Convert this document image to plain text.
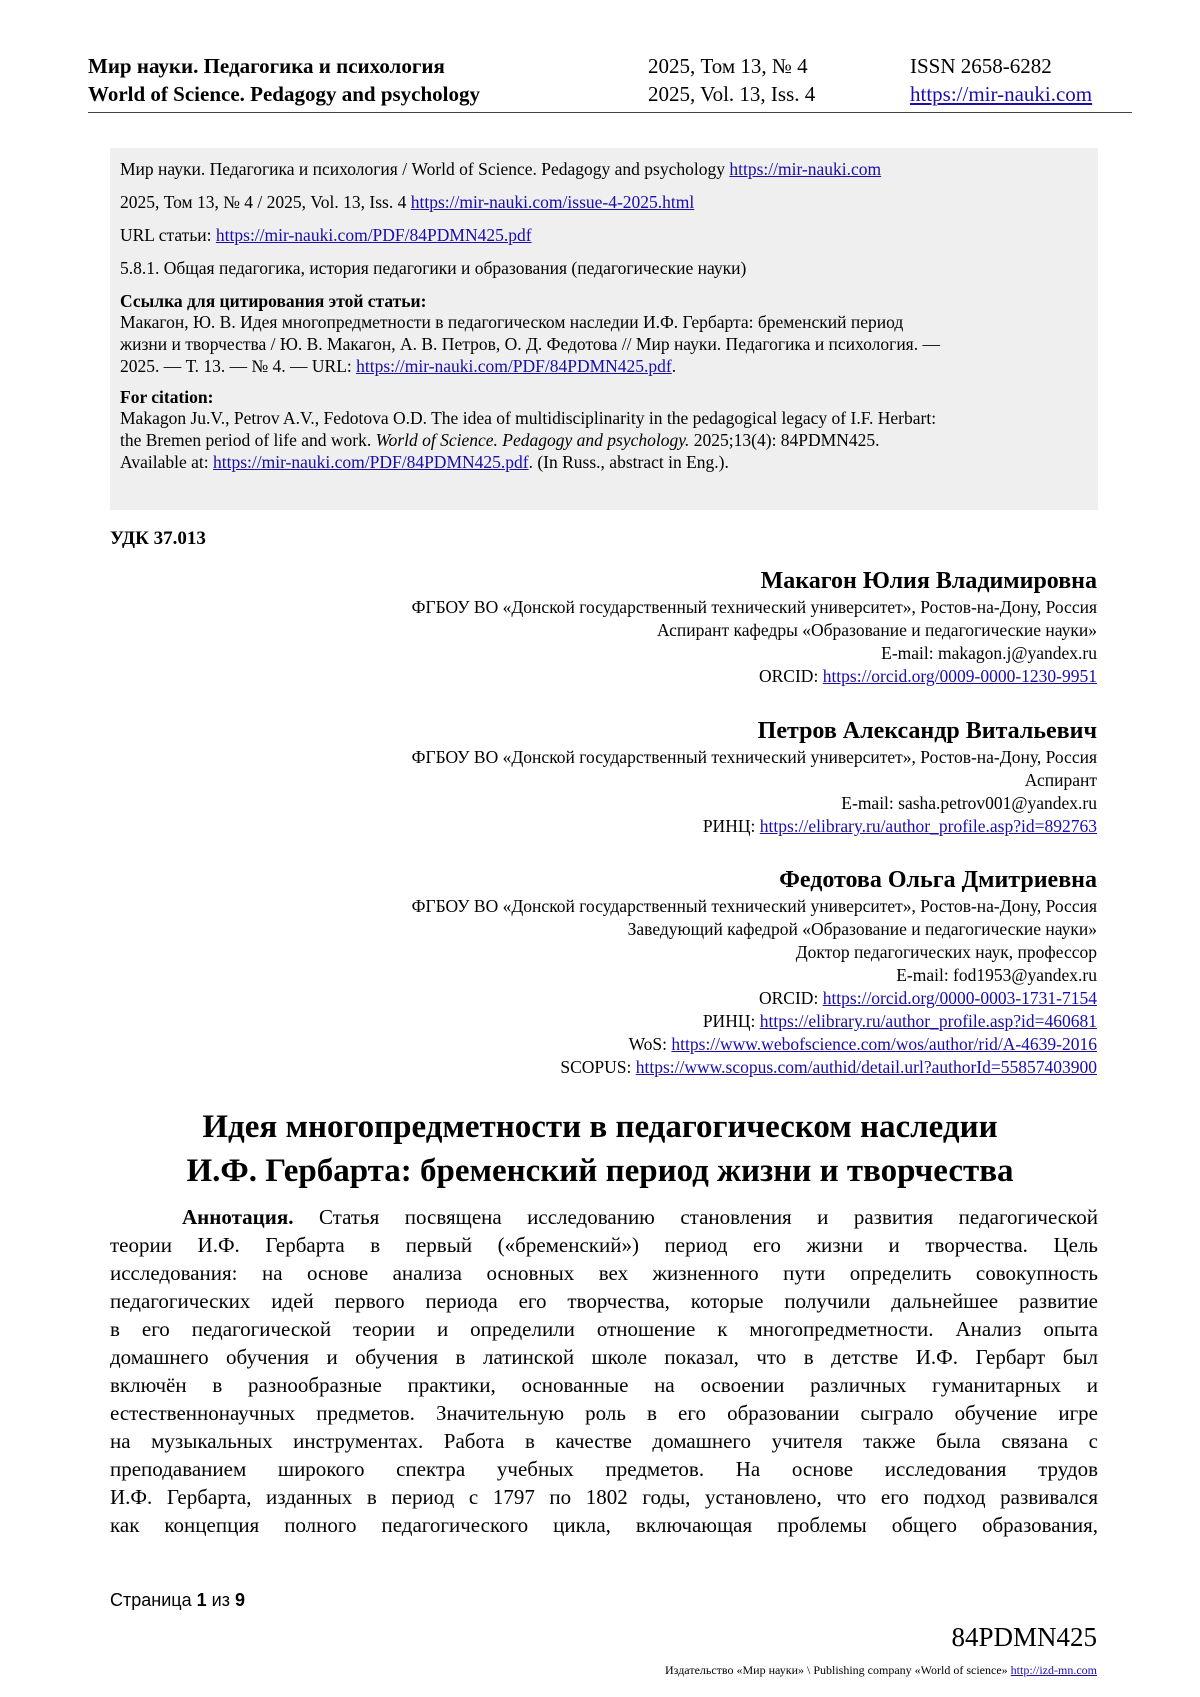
Мир науки. Педагогика и психология
World of Science. Pedagogy and psychology
2025, Том 13, № 4
2025, Vol. 13, Iss. 4
ISSN 2658-6282
https://mir-nauki.com
Мир науки. Педагогика и психология / World of Science. Pedagogy and psychology https://mir-nauki.com
2025, Том 13, № 4 / 2025, Vol. 13, Iss. 4 https://mir-nauki.com/issue-4-2025.html
URL статьи: https://mir-nauki.com/PDF/84PDMN425.pdf
5.8.1. Общая педагогика, история педагогики и образования (педагогические науки)
Ссылка для цитирования этой статьи:
Макагон, Ю. В. Идея многопредметности в педагогическом наследии И.Ф. Гербарта: бременский период
жизни и творчества / Ю. В. Макагон, А. В. Петров, О. Д. Федотова // Мир науки. Педагогика и психология. —
2025. — Т. 13. — № 4. — URL: https://mir-nauki.com/PDF/84PDMN425.pdf.
For citation:
Makagon Ju.V., Petrov A.V., Fedotova O.D. The idea of multidisciplinarity in the pedagogical legacy of I.F. Herbart:
the Bremen period of life and work. World of Science. Pedagogy and psychology. 2025;13(4): 84PDMN425.
Available at: https://mir-nauki.com/PDF/84PDMN425.pdf. (In Russ., abstract in Eng.).
УДК 37.013
Макагон Юлия Владимировна
ФГБОУ ВО «Донской государственный технический университет», Ростов-на-Дону, Россия
Аспирант кафедры «Образование и педагогические науки»
E-mail: makagon.j@yandex.ru
ORCID: https://orcid.org/0009-0000-1230-9951
Петров Александр Витальевич
ФГБОУ ВО «Донской государственный технический университет», Ростов-на-Дону, Россия
Аспирант
E-mail: sasha.petrov001@yandex.ru
РИНЦ: https://elibrary.ru/author_profile.asp?id=892763
Федотова Ольга Дмитриевна
ФГБОУ ВО «Донской государственный технический университет», Ростов-на-Дону, Россия
Заведующий кафедрой «Образование и педагогические науки»
Доктор педагогических наук, профессор
E-mail: fod1953@yandex.ru
ORCID: https://orcid.org/0000-0003-1731-7154
РИНЦ: https://elibrary.ru/author_profile.asp?id=460681
WoS: https://www.webofscience.com/wos/author/rid/A-4639-2016
SCOPUS: https://www.scopus.com/authid/detail.url?authorId=55857403900
Идея многопредметности в педагогическом наследии
И.Ф. Гербарта: бременский период жизни и творчества
Аннотация. Статья посвящена исследованию становления и развития педагогической
теории И.Ф. Гербарта в первый («бременский») период его жизни и творчества. Цель
исследования: на основе анализа основных вех жизненного пути определить совокупность
педагогических идей первого периода его творчества, которые получили дальнейшее развитие
в его педагогической теории и определили отношение к многопредметности. Анализ опыта
домашнего обучения и обучения в латинской школе показал, что в детстве И.Ф. Гербарт был
включён в разнообразные практики, основанные на освоении различных гуманитарных и
естественнонаучных предметов. Значительную роль в его образовании сыграло обучение игре
на музыкальных инструментах. Работа в качестве домашнего учителя также была связана с
преподаванием широкого спектра учебных предметов. На основе исследования трудов
И.Ф. Гербарта, изданных в период с 1797 по 1802 годы, установлено, что его подход развивался
как концепция полного педагогического цикла, включающая проблемы общего образования,
Страница 1 из 9
84PDMN425
Издательство «Мир науки» \ Publishing company «World of science» http://izd-mn.com
